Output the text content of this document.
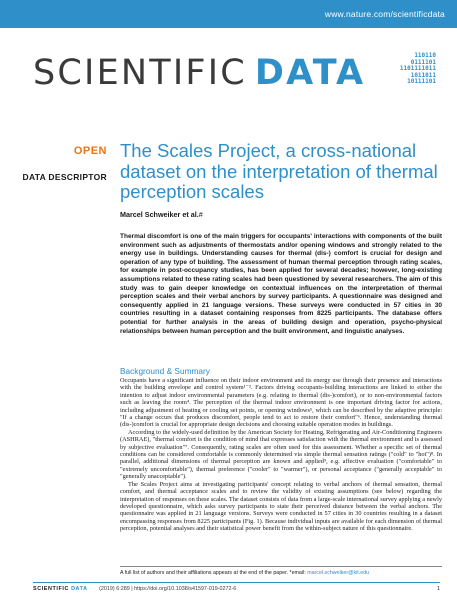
www.nature.com/scientificdata
SCIENTIFIC DATA	110110
0111101
1101111011
1011011
10111101
OPEN
DATA DESCRIPTOR
The Scales Project, a cross-national dataset on the interpretation of thermal perception scales
Marcel Schweiker et al.#
Thermal discomfort is one of the main triggers for occupants' interactions with components of the built environment such as adjustments of thermostats and/or opening windows and strongly related to the energy use in buildings. Understanding causes for thermal (dis-) comfort is crucial for design and operation of any type of building. The assessment of human thermal perception through rating scales, for example in post-occupancy studies, has been applied for several decades; however, long-existing assumptions related to these rating scales had been questioned by several researchers. The aim of this study was to gain deeper knowledge on contextual influences on the interpretation of thermal perception scales and their verbal anchors by survey participants. A questionnaire was designed and consequently applied in 21 language versions. These surveys were conducted in 57 cities in 30 countries resulting in a dataset containing responses from 8225 participants. The database offers potential for further analysis in the areas of building design and operation, psycho-physical relationships between human perception and the built environment, and linguistic analyses.
Background & Summary

Occupants have a significant influence on their indoor environment and its energy use through their presence and interactions with the building envelope and control system¹⁻³. Factors driving occupants-building interactions are linked to either the intention to adjust indoor environmental parameters (e.g. relating to thermal (dis-)comfort), or to non-environmental factors such as leaving the room⁴. The perception of the thermal indoor environment is one important driving factor for actions, including adjustment of heating or cooling set points, or opening windows⁵, which can be described by the adaptive principle: "If a change occurs that produces discomfort, people tend to act to restore their comfort"⁶. Hence, understanding thermal (dis-)comfort is crucial for appropriate design decisions and choosing suitable operation modes in buildings.

According to the widely-used definition by the American Society for Heating, Refrigerating and Air-Conditioning Engineers (ASHRAE), "thermal comfort is the condition of mind that expresses satisfaction with the thermal environment and is assessed by subjective evaluation"⁷. Consequently, rating scales are often used for this assessment. Whether a specific set of thermal conditions can be considered comfortable is commonly determined via simple thermal sensation ratings ("cold" to "hot")⁸. In parallel, additional dimensions of thermal perception are known and applied⁹, e.g. affective evaluation ("comfortable" to "extremely uncomfortable"), thermal preference ("cooler" to "warmer"), or personal acceptance ("generally acceptable" to "generally unacceptable").

The Scales Project aims at investigating participants' concept relating to verbal anchors of thermal sensation, thermal comfort, and thermal acceptance scales and to review the validity of existing assumptions (see below) regarding the interpretation of responses on these scales. The dataset consists of data from a large-scale international survey applying a newly developed questionnaire, which asks survey participants to state their perceived distance between the verbal anchors. The questionnaire was applied in 21 language versions. Surveys were conducted in 57 cities in 30 countries resulting in a dataset encompassing responses from 8225 participants (Fig. 1). Because individual inputs are available for each dimension of thermal perception, potential analyses and their statistical power benefit from the within-subject nature of this questionnaire.

A full list of authors and their affiliations appears at the end of the paper. *email: marcel.schweiker@kit.edu
SCIENTIFIC DATA (2019) 6:289 | https://doi.org/10.1038/s41597-019-0272-6	1
